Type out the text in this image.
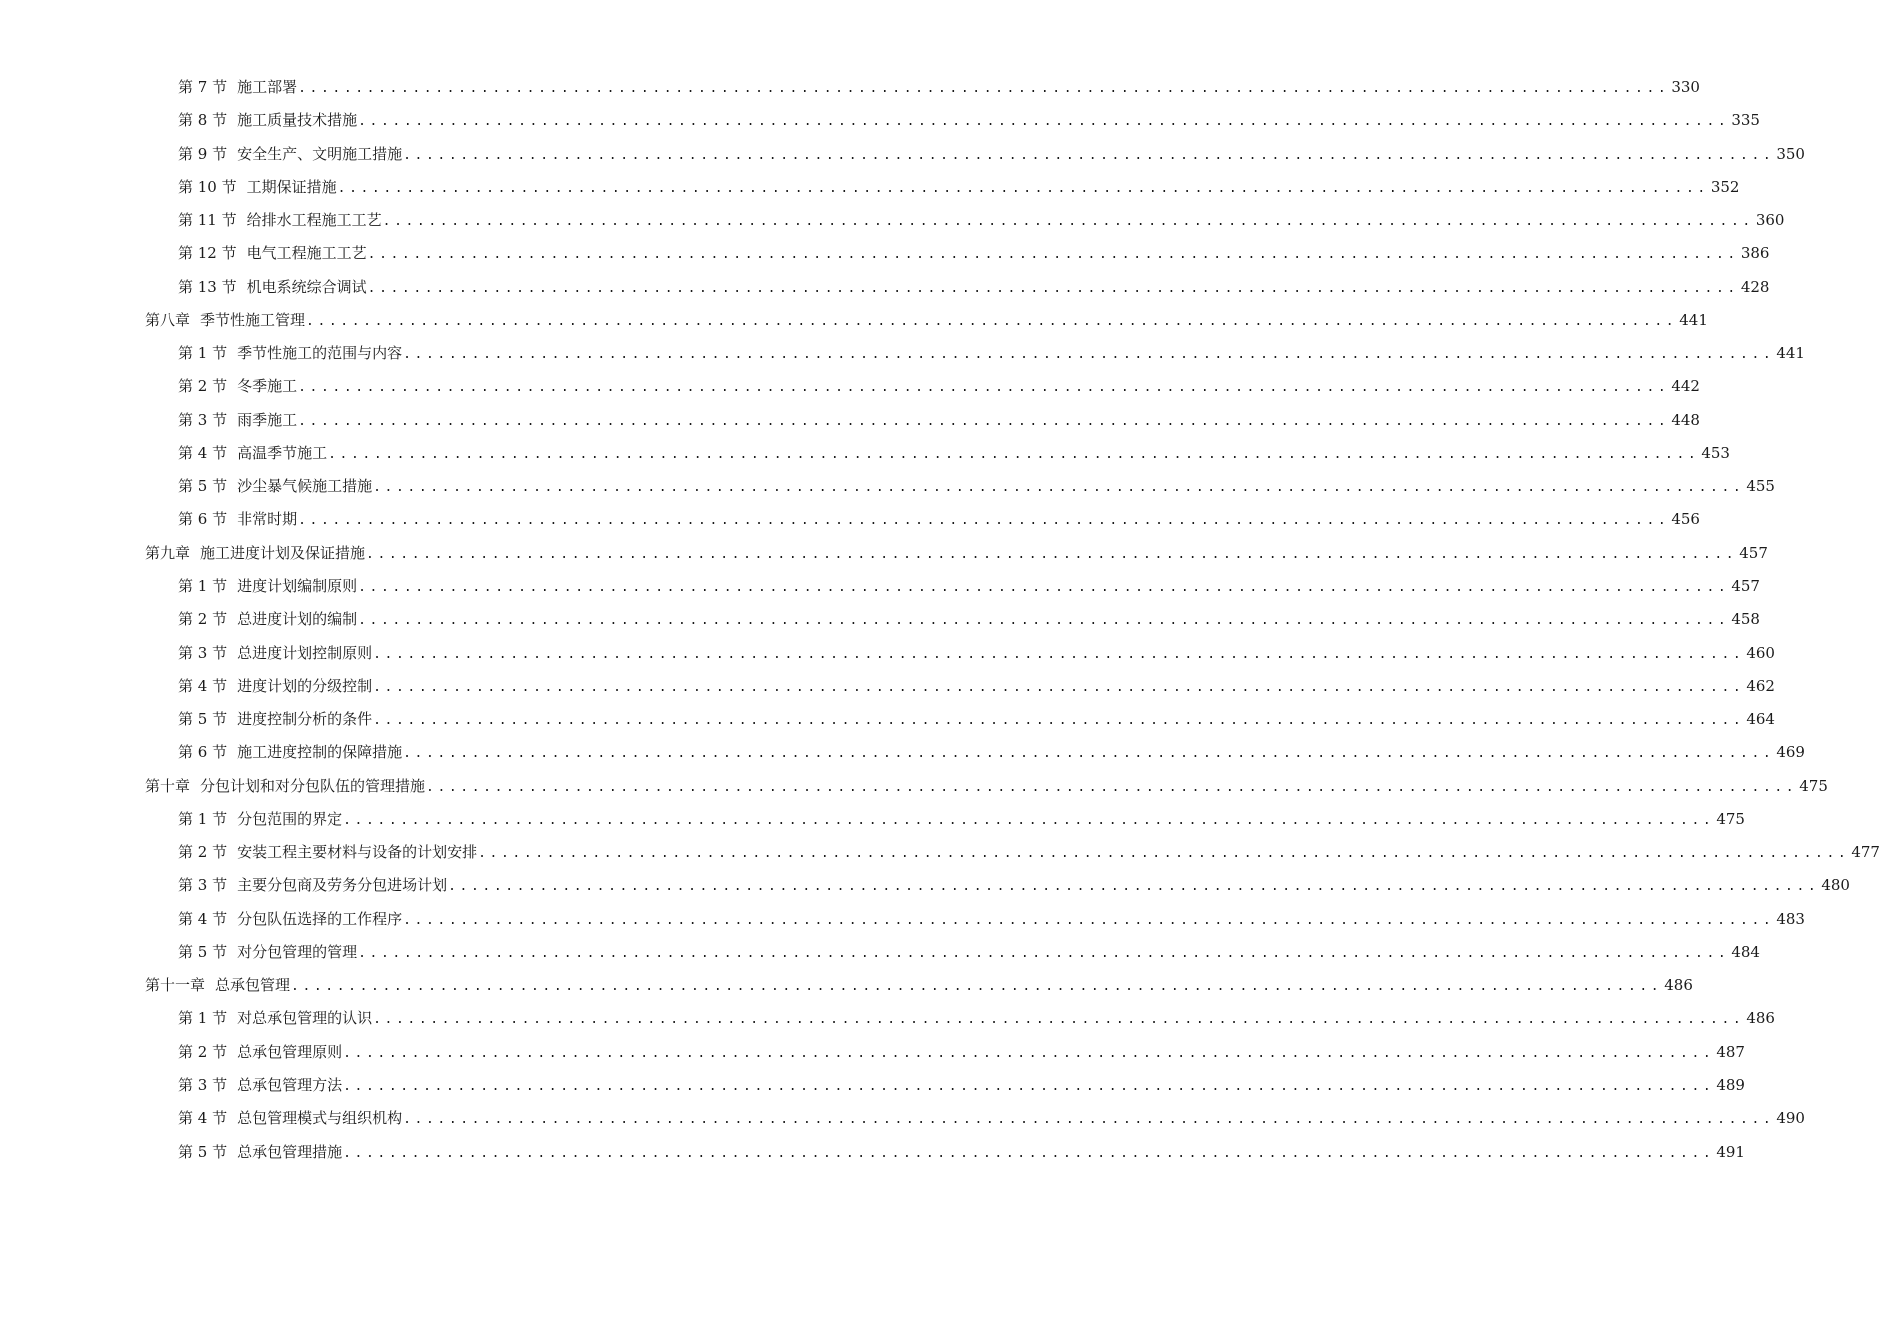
第 7 节 施工部署 ........................................................................................................................ 330
第 8 节 施工质量技术措施 ........................................................................................................................ 335
第 9 节 安全生产、文明施工措施 ........................................................................................................................ 350
第 10 节 工期保证措施 ........................................................................................................................ 352
第 11 节 给排水工程施工工艺 ........................................................................................................................ 360
第 12 节 电气工程施工工艺 ........................................................................................................................ 386
第 13 节 机电系统综合调试 ........................................................................................................................ 428
第八章 季节性施工管理 ........................................................................................................................ 441
第 1 节 季节性施工的范围与内容 ........................................................................................................................ 441
第 2 节 冬季施工 ........................................................................................................................ 442
第 3 节 雨季施工 ........................................................................................................................ 448
第 4 节 高温季节施工 ........................................................................................................................ 453
第 5 节 沙尘暴气候施工措施 ........................................................................................................................ 455
第 6 节 非常时期 ........................................................................................................................ 456
第九章 施工进度计划及保证措施 ........................................................................................................................ 457
第 1 节 进度计划编制原则 ........................................................................................................................ 457
第 2 节 总进度计划的编制 ........................................................................................................................ 458
第 3 节 总进度计划控制原则 ........................................................................................................................ 460
第 4 节 进度计划的分级控制 ........................................................................................................................ 462
第 5 节 进度控制分析的条件 ........................................................................................................................ 464
第 6 节 施工进度控制的保障措施 ........................................................................................................................ 469
第十章 分包计划和对分包队伍的管理措施 ........................................................................................................................ 475
第 1 节 分包范围的界定 ........................................................................................................................ 475
第 2 节 安装工程主要材料与设备的计划安排 ........................................................................................................................ 477
第 3 节 主要分包商及劳务分包进场计划 ........................................................................................................................ 480
第 4 节 分包队伍选择的工作程序 ........................................................................................................................ 483
第 5 节 对分包管理的管理 ........................................................................................................................ 484
第十一章 总承包管理 ........................................................................................................................ 486
第 1 节 对总承包管理的认识 ........................................................................................................................ 486
第 2 节 总承包管理原则 ........................................................................................................................ 487
第 3 节 总承包管理方法 ........................................................................................................................ 489
第 4 节 总包管理模式与组织机构 ........................................................................................................................ 490
第 5 节 总承包管理措施 ........................................................................................................................ 491
